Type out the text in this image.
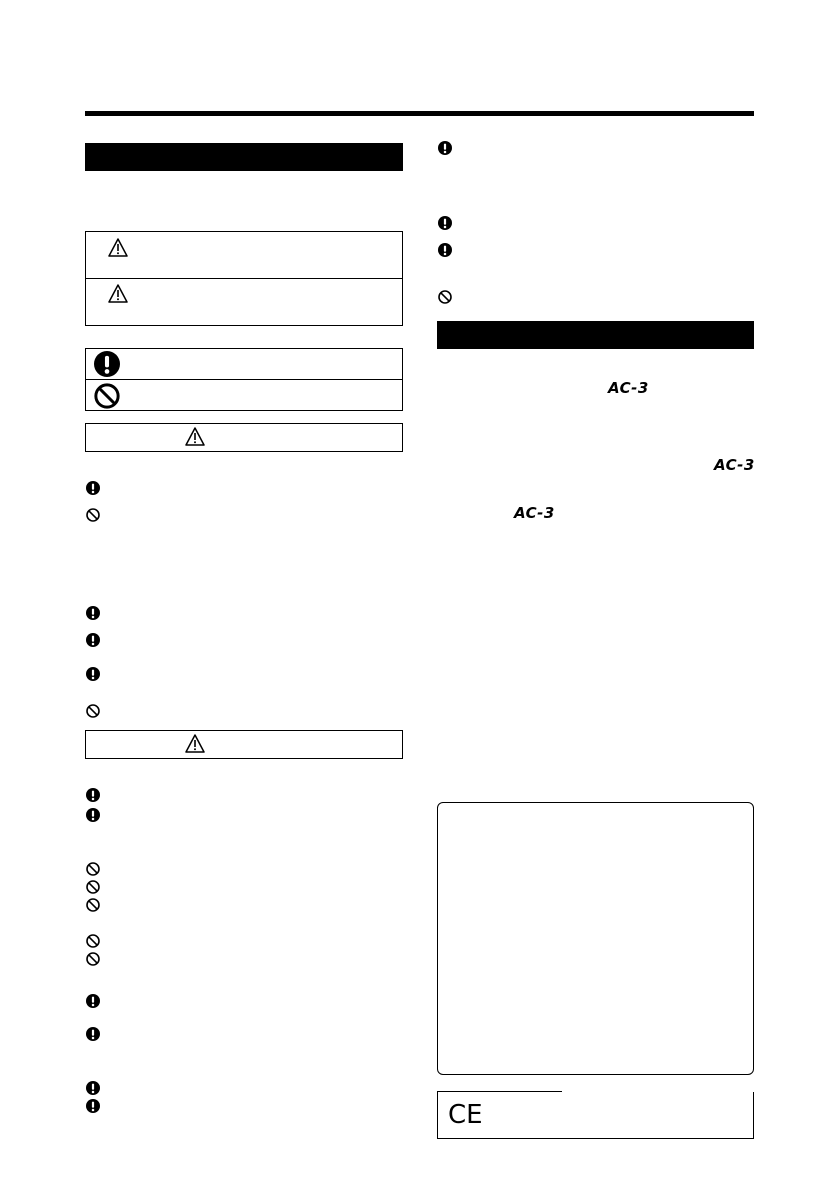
AC-3
AC-3
AC-3
CE
